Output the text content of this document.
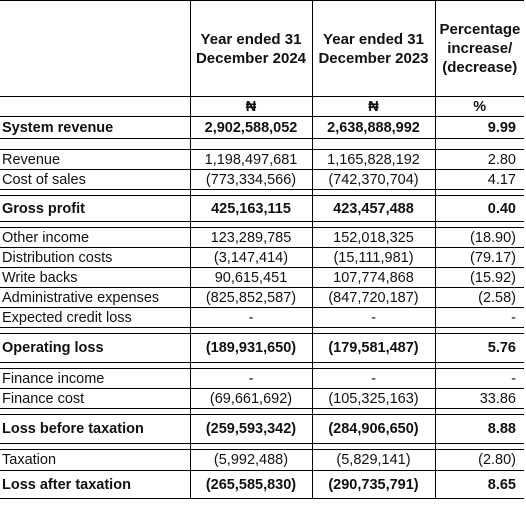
	Year ended 31 December 2024	Year ended 31 December 2023	Percentage increase/ (decrease)
	₦	₦	%
System revenue	2,902,588,052	2,638,888,992	9.99

Revenue	1,198,497,681	1,165,828,192	2.80
Cost of sales	(773,334,566)	(742,370,704)	4.17

Gross profit	425,163,115	423,457,488	0.40

Other income	123,289,785	152,018,325	(18.90)
Distribution costs	(3,147,414)	(15,111,981)	(79.17)
Write backs	90,615,451	107,774,868	(15.92)
Administrative expenses	(825,852,587)	(847,720,187)	(2.58)
Expected credit loss	-	-	-

Operating loss	(189,931,650)	(179,581,487)	5.76

Finance income	-	-	-
Finance cost	(69,661,692)	(105,325,163)	33.86

Loss before taxation	(259,593,342)	(284,906,650)	8.88

Taxation	(5,992,488)	(5,829,141)	(2.80)
Loss after taxation	(265,585,830)	(290,735,791)	8.65
